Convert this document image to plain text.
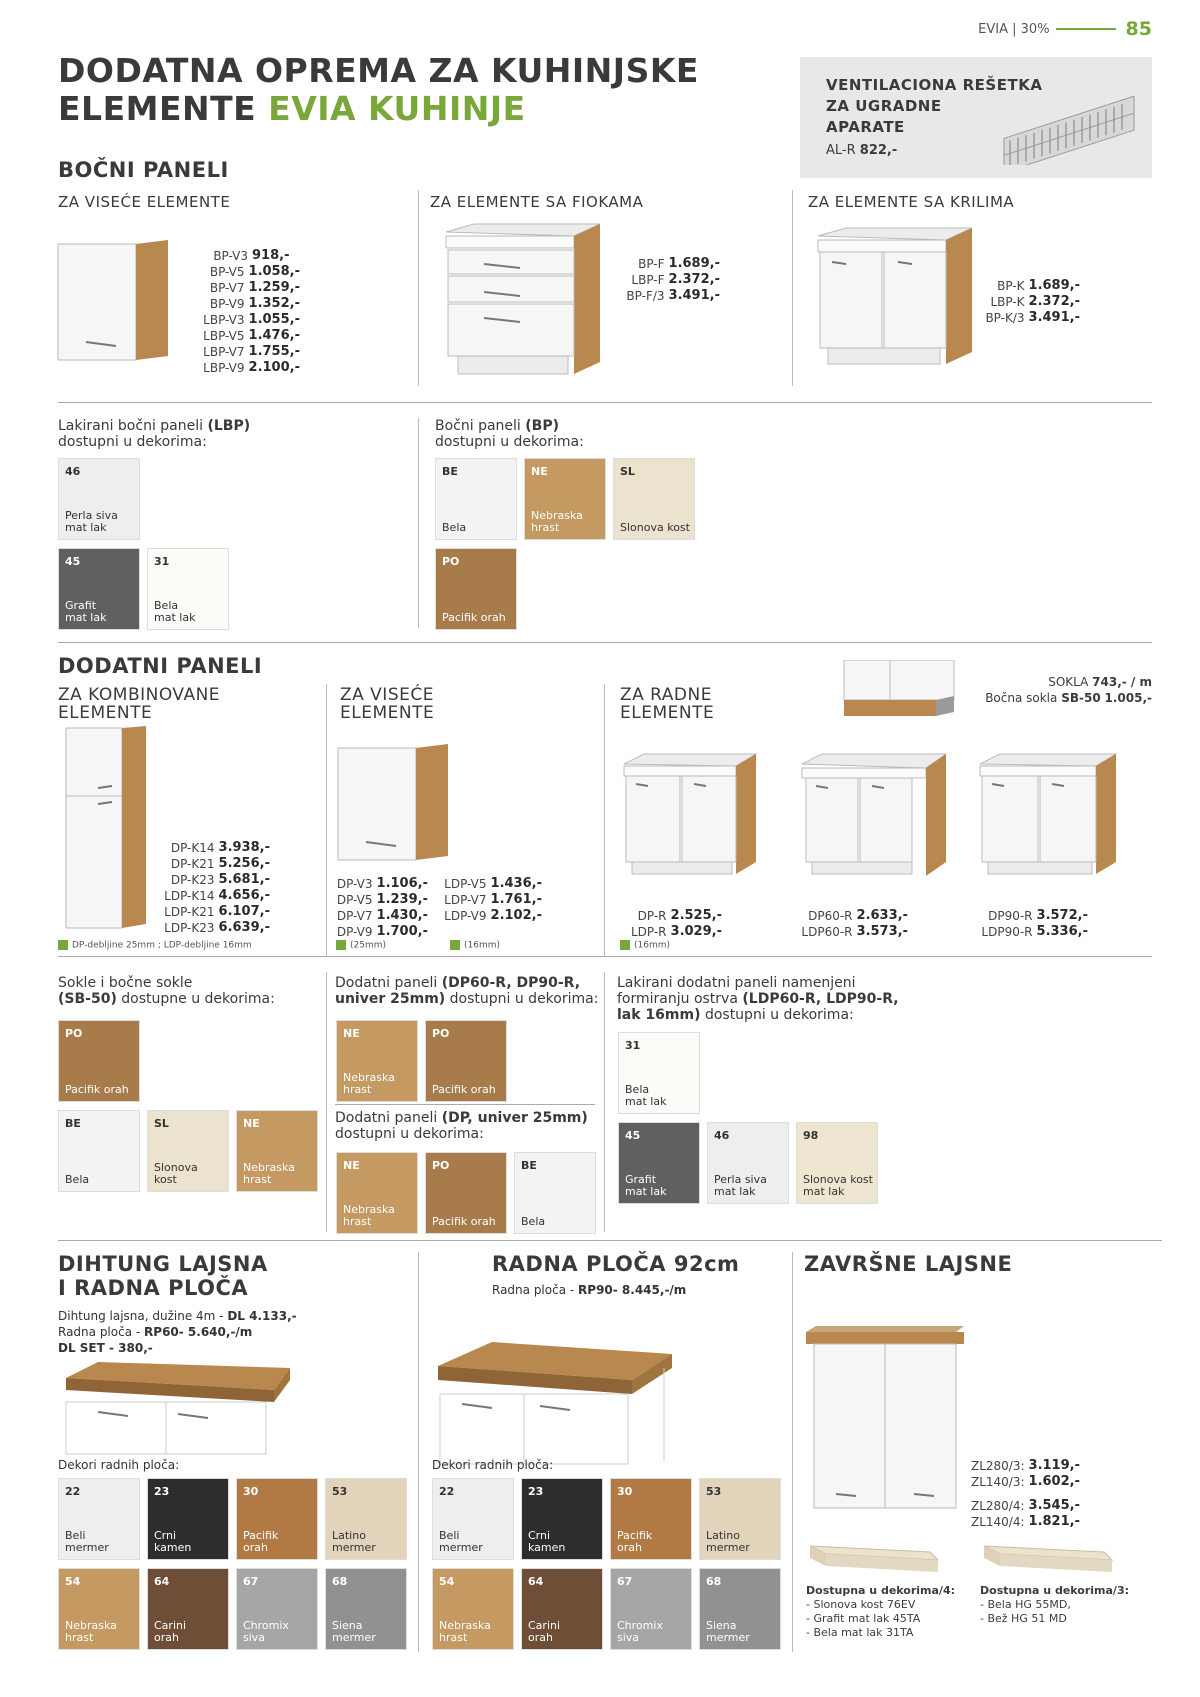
EVIA | 30%	85
DODATNA OPREMA ZA KUHINJSKE
ELEMENTE EVIA KUHINJE
VENTILACIONA REŠETKA
ZA UGRADNE
APARATE
AL-R 822,-
BOČNI PANELI
ZA VISEĆE ELEMENTE	ZA ELEMENTE SA FIOKAMA	ZA ELEMENTE SA KRILIMA
BP-V3 918,-
BP-V5 1.058,-
BP-V7 1.259,-
BP-V9 1.352,-
LBP-V3 1.055,-
LBP-V5 1.476,-
LBP-V7 1.755,-
LBP-V9 2.100,-
BP-F 1.689,-
LBP-F 2.372,-
BP-F/3 3.491,-
BP-K 1.689,-
LBP-K 2.372,-
BP-K/3 3.491,-
Lakirani bočni paneli (LBP)
dostupni u dekorima:
Bočni paneli (BP)
dostupni u dekorima:
46
Perla siva
mat lak
45
Grafit
mat lak
31
Bela
mat lak
BE
Bela
NE
Nebraska
hrast
SL
Slonova kost
PO
Pacifik orah
PO
Pacifik orah
BE
Bela
SL
Slonova
kost
NE
Nebraska
hrast
NE
Nebraska
hrast
PO
Pacifik orah
NE
Nebraska
hrast
PO
Pacifik orah
BE
Bela
31
Bela
mat lak
45
Grafit
mat lak
46
Perla siva
mat lak
98
Slonova kost
mat lak
22
Beli
mermer
23
Crni
kamen
30
Pacifik
orah
53
Latino
mermer
54
Nebraska
hrast
64
Carini
orah
67
Chromix
siva
68
Siena
mermer
22
Beli
mermer
23
Crni
kamen
30
Pacifik
orah
53
Latino
mermer
54
Nebraska
hrast
64
Carini
orah
67
Chromix
siva
68
Siena
mermer
DODATNI PANELI
ZA KOMBINOVANE
ELEMENTE
ZA VISEĆE
ELEMENTE
ZA RADNE
ELEMENTE
DP-K14 3.938,-
DP-K21 5.256,-
DP-K23 5.681,-
LDP-K14 4.656,-
LDP-K21 6.107,-
LDP-K23 6.639,-
DP-debljine 25mm ; LDP-debljine 16mm
DP-V3 1.106,-
DP-V5 1.239,-
DP-V7 1.430,-
DP-V9 1.700,-
LDP-V5 1.436,-
LDP-V7 1.761,-
LDP-V9 2.102,-
(25mm)	(16mm)
SOKLA 743,- / m
Bočna sokla SB-50 1.005,-
DP-R 2.525,-
LDP-R 3.029,-
DP60-R 2.633,-
LDP60-R 3.573,-
DP90-R 3.572,-
LDP90-R 5.336,-
(16mm)
Sokle i bočne sokle
(SB-50) dostupne u dekorima:
Dodatni paneli (DP60-R, DP90-R,
univer 25mm) dostupni u dekorima:
Dodatni paneli (DP, univer 25mm)
dostupni u dekorima:
Lakirani dodatni paneli namenjeni
formiranju ostrva (LDP60-R, LDP90-R,
lak 16mm) dostupni u dekorima:
DIHTUNG LAJSNA
I RADNA PLOČA
Dihtung lajsna, dužine 4m - DL 4.133,-
Radna ploča - RP60- 5.640,-/m
DL SET - 380,-
Dekori radnih ploča:
RADNA PLOČA 92cm
Radna ploča - RP90- 8.445,-/m
Dekori radnih ploča:
ZAVRŠNE LAJSNE
ZL280/3: 3.119,-
ZL140/3: 1.602,-
ZL280/4: 3.545,-
ZL140/4: 1.821,-
Dostupna u dekorima/4:
- Slonova kost 76EV
- Grafit mat lak 45TA
- Bela mat lak 31TA
Dostupna u dekorima/3:
- Bela HG 55MD,
- Bež HG 51 MD
